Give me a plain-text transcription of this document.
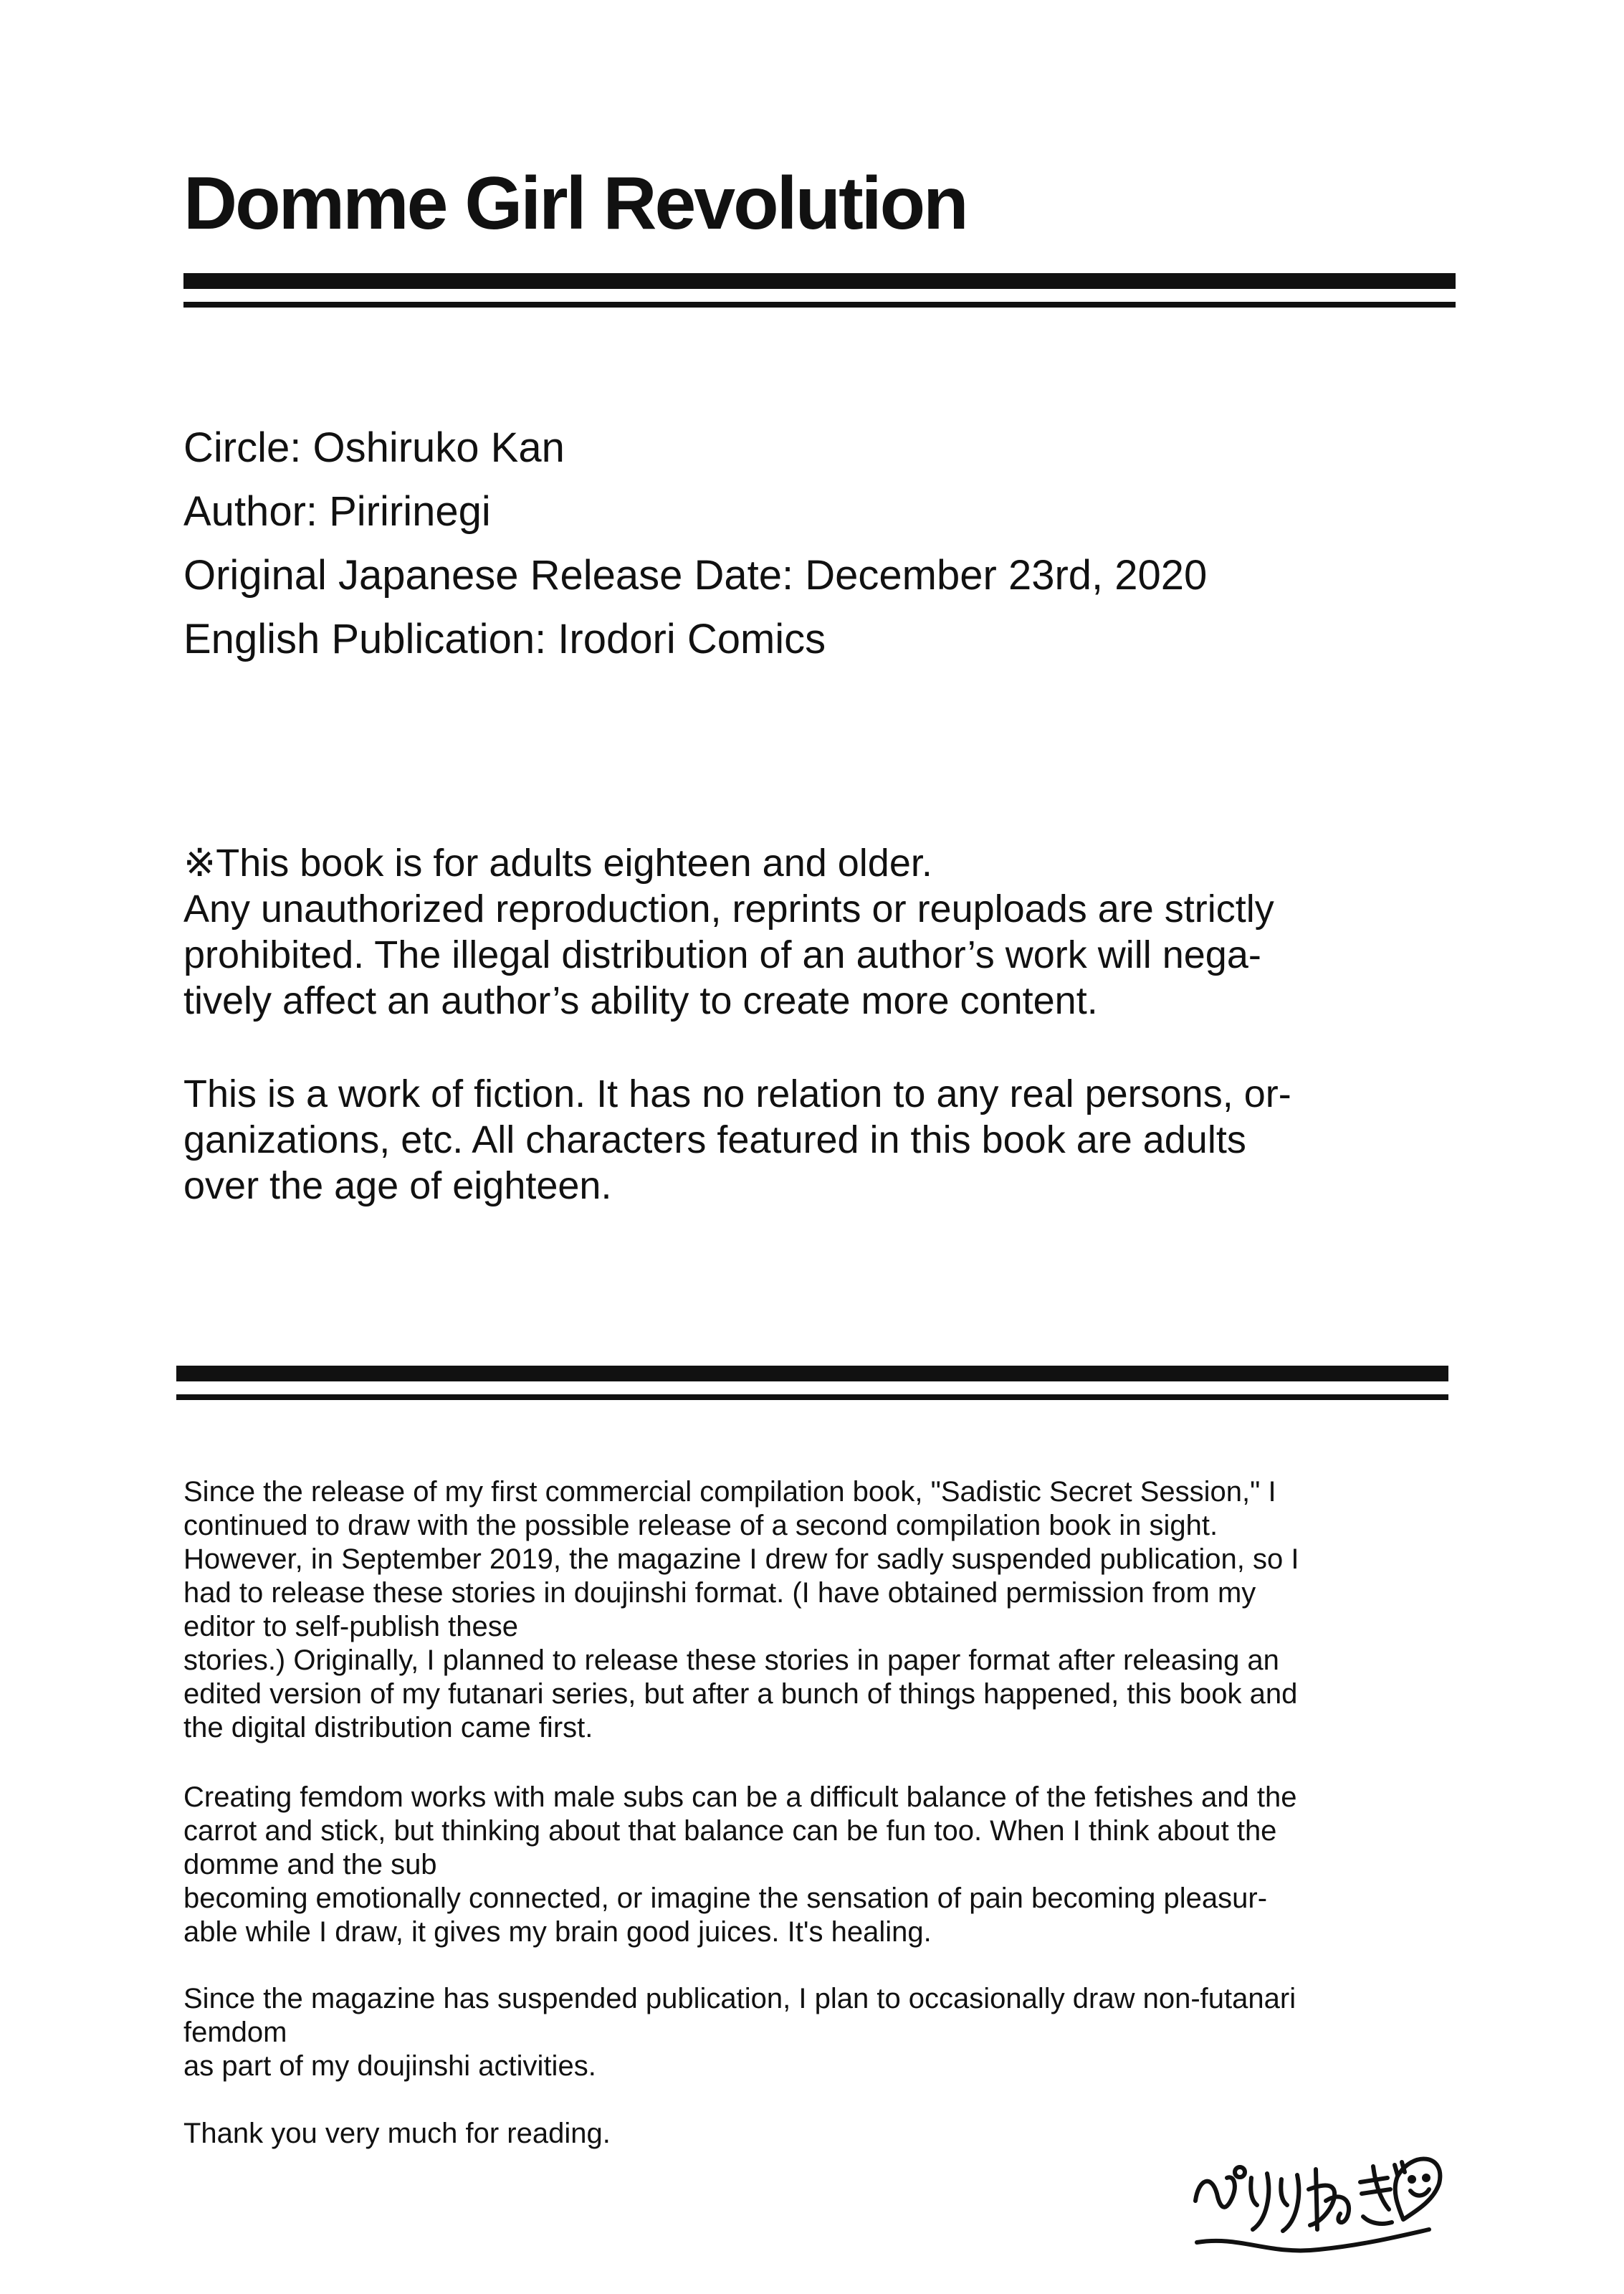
Domme Girl Revolution
Circle: Oshiruko Kan
Author: Piririnegi
Original Japanese Release Date: December 23rd, 2020
English Publication: Irodori Comics

※This book is for adults eighteen and older.
Any unauthorized reproduction, reprints or reuploads are strictly
prohibited. The illegal distribution of an author’s work will nega-
tively affect an author’s ability to create more content.

This is a work of fiction. It has no relation to any real persons, or-
ganizations, etc. All characters featured in this book are adults
over the age of eighteen.

Since the release of my first commercial compilation book, "Sadistic Secret Session," I
continued to draw with the possible release of a second compilation book in sight.
However, in September 2019, the magazine I drew for sadly suspended publication, so I
had to release these stories in doujinshi format. (I have obtained permission from my
editor to self-publish these
stories.) Originally, I planned to release these stories in paper format after releasing an
edited version of my futanari series, but after a bunch of things happened, this book and
the digital distribution came first.

Creating femdom works with male subs can be a difficult balance of the fetishes and the
carrot and stick, but thinking about that balance can be fun too. When I think about the
domme and the sub
becoming emotionally connected, or imagine the sensation of pain becoming pleasur-
able while I draw, it gives my brain good juices. It's healing.

Since the magazine has suspended publication, I plan to occasionally draw non-futanari
femdom
as part of my doujinshi activities.

Thank you very much for reading.
